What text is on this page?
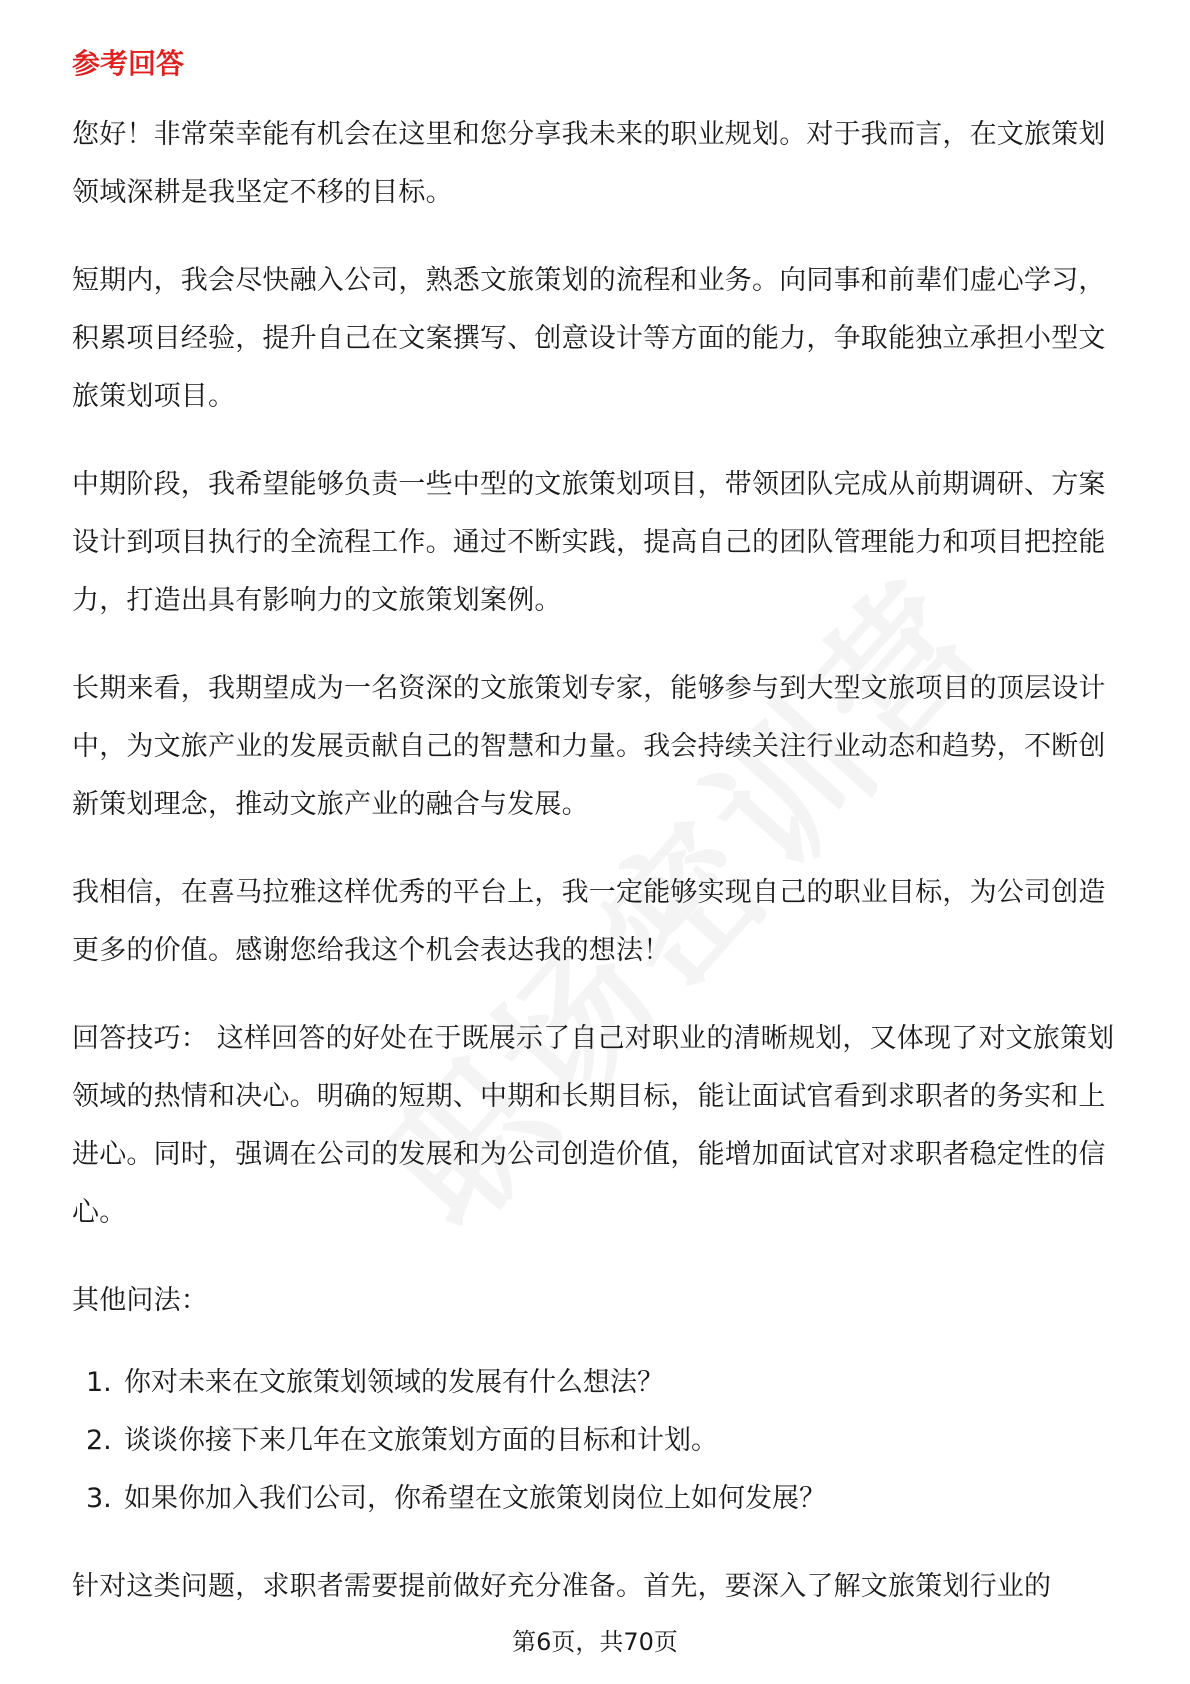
参考回答

您好！非常荣幸能有机会在这里和您分享我未来的职业规划。对于我而言，在文旅策划领域深耕是我坚定不移的目标。

短期内，我会尽快融入公司，熟悉文旅策划的流程和业务。向同事和前辈们虚心学习，积累项目经验，提升自己在文案撰写、创意设计等方面的能力，争取能独立承担小型文旅策划项目。

中期阶段，我希望能够负责一些中型的文旅策划项目，带领团队完成从前期调研、方案设计到项目执行的全流程工作。通过不断实践，提高自己的团队管理能力和项目把控能力，打造出具有影响力的文旅策划案例。

长期来看，我期望成为一名资深的文旅策划专家，能够参与到大型文旅项目的顶层设计中，为文旅产业的发展贡献自己的智慧和力量。我会持续关注行业动态和趋势，不断创新策划理念，推动文旅产业的融合与发展。

我相信，在喜马拉雅这样优秀的平台上，我一定能够实现自己的职业目标，为公司创造更多的价值。感谢您给我这个机会表达我的想法！

回答技巧： 这样回答的好处在于既展示了自己对职业的清晰规划，又体现了对文旅策划领域的热情和决心。明确的短期、中期和长期目标，能让面试官看到求职者的务实和上进心。同时，强调在公司的发展和为公司创造价值，能增加面试官对求职者稳定性的信心。

其他问法：

1. 你对未来在文旅策划领域的发展有什么想法？
2. 谈谈你接下来几年在文旅策划方面的目标和计划。
3. 如果你加入我们公司，你希望在文旅策划岗位上如何发展？

针对这类问题，求职者需要提前做好充分准备。首先，要深入了解文旅策划行业的

第6页，共70页
